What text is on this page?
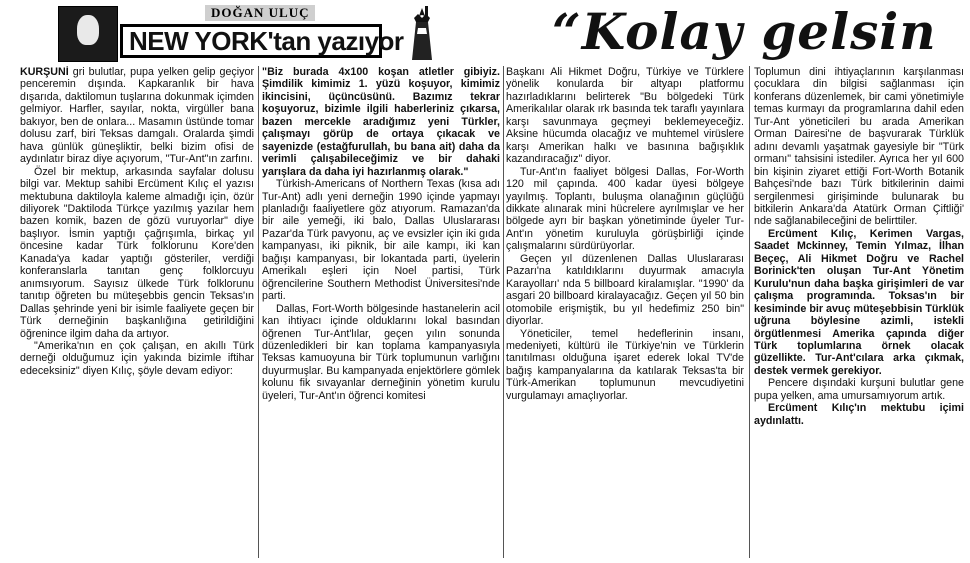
DOĞAN ULUÇ
NEW YORK'tan yazıyor	“Kolay gelsin

KURŞUNİ gri bulutlar, pupa yelken gelip geçiyor penceremin dışında. Kapkaranlık bir hava dışarıda, daktilomun tuşlarına dokunmak içimden gelmiyor. Harfler, sayılar, nokta, virgüller bana bakıyor, ben de onlara... Masamın üstünde tomar dolusu zarf, biri Teksas damgalı. Oralarda şimdi hava günlük güneşliktir, belki bizim ofisi de aydınlatır biraz diye açıyorum, "Tur-Ant"ın zarfını.

Özel bir mektup, arkasında sayfalar dolusu bilgi var. Mektup sahibi Ercüment Kılıç el yazısı mektubuna daktiloyla kaleme almadığı için, özür diliyorek "Daktiloda Türkçe yazılmış yazılar hem bazen komik, bazen de gözü vuruyorlar" diye başlıyor. İsmin yaptığı çağrışımla, birkaç yıl öncesine kadar Türk folklorunu Kore'den Kanada'ya kadar yaptığı gösteriler, verdiği konferanslarla tanıtan genç folklorcuyu anımsıyorum. Sayısız ülkede Türk folklorunu tanıtıp öğreten bu müteşebbis gencin Teksas'ın Dallas şehrinde yeni bir isimle faaliyete geçen bir Türk derneğinin başkanlığına getirildiğini öğrenince ilgim daha da artıyor.

"Amerika'nın en çok çalışan, en akıllı Türk derneği olduğumuz için yakında bizimle iftihar edeceksiniz" diyen Kılıç, şöyle devam ediyor:

"Biz burada 4x100 koşan atletler gibiyiz. Şimdilik kimimiz 1. yüzü koşuyor, kimimiz ikincisini, üçüncüsünü. Bazımız tekrar koşuyoruz, bizimle ilgili haberleriniz çıkarsa, bazen mercekle aradığımız yeni Türkler, çalışmayı görüp de ortaya çıkacak ve sayenizde (estağfurullah, bu bana ait) daha da verimli çalışabileceğimiz ve bir dahaki yarışlara da daha iyi hazırlanmış olarak."

Türkish-Americans of Northern Texas (kısa adı Tur-Ant) adlı yeni derneğin 1990 içinde yapmayı planladığı faaliyetlere göz atıyorum. Ramazan'da bir aile yemeği, iki balo, Dallas Uluslararası Pazar'da Türk pavyonu, aç ve evsizler için iki gıda kampanyası, iki piknik, bir aile kampı, iki kan bağışı kampanyası, bir lokantada parti, üyelerin Amerikalı eşleri için Noel partisi, Türk öğrencilerine Southern Methodist Üniversitesi'nde parti.

Dallas, Fort-Worth bölgesinde hastanelerin acil kan ihtiyacı içinde olduklarını lokal basından öğrenen Tur-Ant'lılar, geçen yılın sonunda düzenledikleri bir kan toplama kampanyasıyla Teksas kamuoyuna bir Türk toplumunun varlığını duyurmuşlar. Bu kampanyada enjektörlere gömlek kolunu fik sıvayanlar derneğinin yönetim kurulu üyeleri, Tur-Ant'ın öğrenci komitesi

Başkanı Ali Hikmet Doğru, Türkiye ve Türklere yönelik konularda bir altyapı platformu hazırladıklarını belirterek "Bu bölgedeki Türk Amerikalılar olarak ırk basında tek taraflı yayınlara karşı savunmaya geçmeyi beklemeyeceğiz. Aksine hücumda olacağız ve muhtemel virüslere karşı Amerikan halkı ve basınına bağışıklık kazandıracağız" diyor.

Tur-Ant'ın faaliyet bölgesi Dallas, For-Worth 120 mil çapında. 400 kadar üyesi bölgeye yayılmış. Toplantı, buluşma olanağının güçlüğü dikkate alınarak mini hücrelere ayrılmışlar ve her bölgede ayrı bir başkan yönetiminde üyeler Tur-Ant'ın yönetim kuruluyla görüşbirliği içinde çalışmalarını sürdürüyorlar.

Geçen yıl düzenlenen Dallas Uluslararası Pazarı'na katıldıklarını duyurmak amacıyla Karayolları' nda 5 billboard kiralamışlar. "1990' da asgari 20 billboard kiralayacağız. Geçen yıl 50 bin otomobile erişmiştik, bu yıl hedefimiz 250 bin" diyorlar.

Yöneticiler, temel hedeflerinin insanı, medeniyeti, kültürü ile Türkiye'nin ve Türklerin tanıtılması olduğuna işaret ederek lokal TV'de bağış kampanyalarına da katılarak Teksas'ta bir Türk-Amerikan toplumunun mevcudiyetini vurgulamayı amaçlıyorlar.

Toplumun dini ihtiyaçlarının karşılanması çocuklara din bilgisi sağlanması için konferans düzenlemek, bir cami yönetimiyle temas kurmayı da programlarına dahil eden Tur-Ant yöneticileri bu arada Amerikan Orman Dairesi'ne de başvurarak Türklük adını devamlı yaşatmak gayesiyle bir "Türk ormanı" tahsisini istediler. Ayrıca her yıl 600 bin kişinin ziyaret ettiği Fort-Worth Botanik Bahçesi'nde bazı Türk bitkilerinin daimi sergilenmesi girişiminde bulunarak bu bitkilerin Ankara'da Atatürk Orman Çiftliği' nde sağlanabileceğini de belirttiler.

Ercüment Kılıç, Kerimen Vargas, Saadet Mckinney, Temin Yılmaz, İlhan Beçeç, Ali Hikmet Doğru ve Rachel Borinick'ten oluşan Tur-Ant Yönetim Kurulu'nun daha başka girişimleri de var çalışma programında. Toksas'ın bir kesiminde bir avuç müteşebbisin Türklük uğruna böylesine azimli, istekli örgütlenmesi Amerika çapında diğer Türk toplumlarına örnek olacak güzellikte. Tur-Ant'cılara arka çıkmak, destek vermek gerekiyor.

Pencere dışındaki kurşuni bulutlar gene pupa yelken, ama umursamıyorum artık.

Ercüment Kılıç'ın mektubu içimi aydınlattı.
